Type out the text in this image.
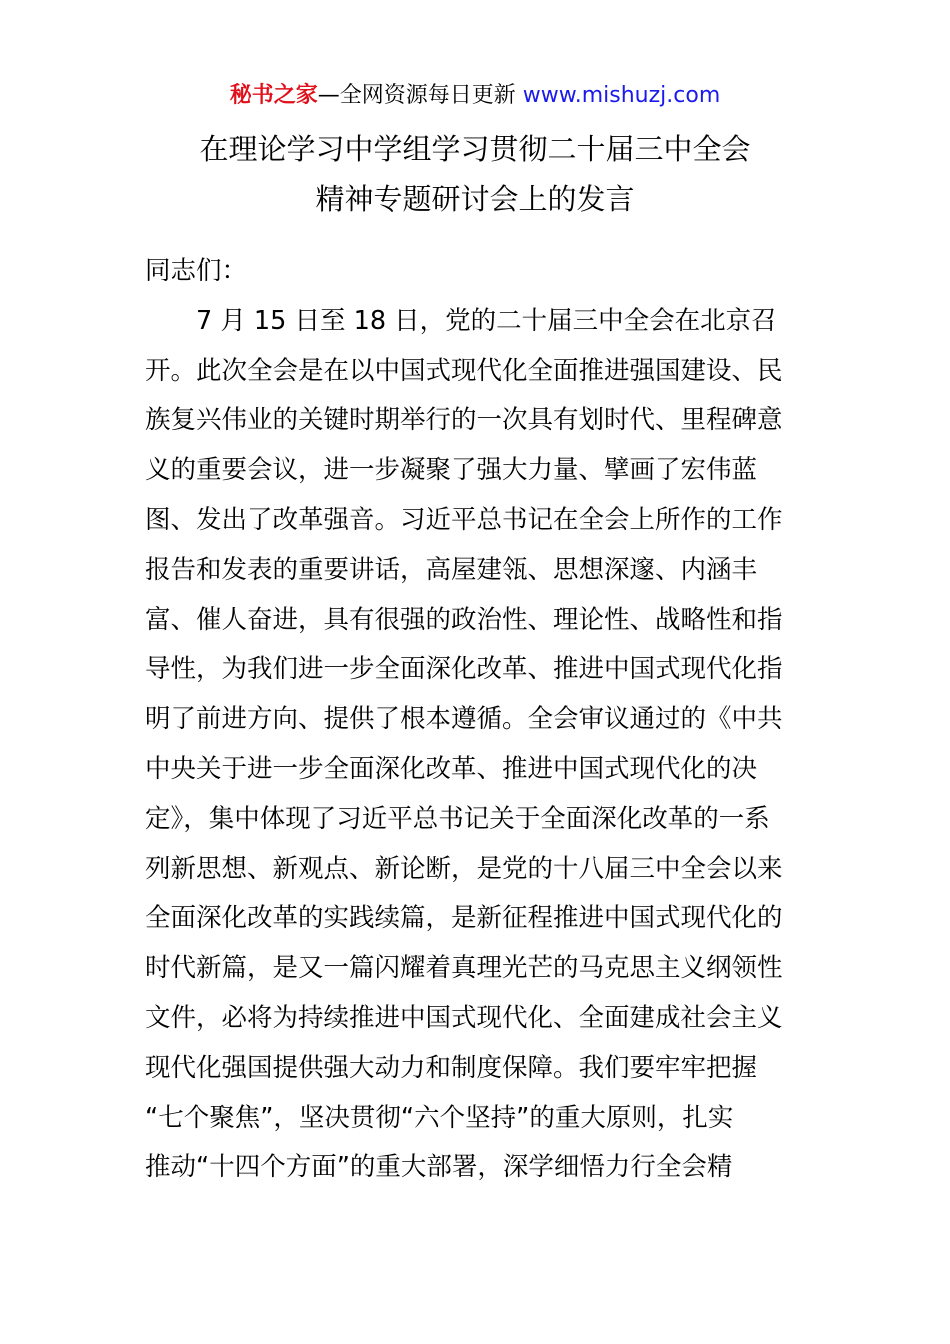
秘书之家—全网资源每日更新 www.mishuzj.com
在理论学习中学组学习贯彻二十届三中全会
精神专题研讨会上的发言
同志们：
7 月 15 日至 18 日，党的二十届三中全会在北京召
开。此次全会是在以中国式现代化全面推进强国建设、民
族复兴伟业的关键时期举行的一次具有划时代、里程碑意
义的重要会议，进一步凝聚了强大力量、擘画了宏伟蓝
图、发出了改革强音。习近平总书记在全会上所作的工作
报告和发表的重要讲话，高屋建瓴、思想深邃、内涵丰
富、催人奋进，具有很强的政治性、理论性、战略性和指
导性，为我们进一步全面深化改革、推进中国式现代化指
明了前进方向、提供了根本遵循。全会审议通过的《中共
中央关于进一步全面深化改革、推进中国式现代化的决
定》，集中体现了习近平总书记关于全面深化改革的一系
列新思想、新观点、新论断，是党的十八届三中全会以来
全面深化改革的实践续篇，是新征程推进中国式现代化的
时代新篇，是又一篇闪耀着真理光芒的马克思主义纲领性
文件，必将为持续推进中国式现代化、全面建成社会主义
现代化强国提供强大动力和制度保障。我们要牢牢把握
“七个聚焦”，坚决贯彻“六个坚持”的重大原则，扎实
推动“十四个方面”的重大部署，深学细悟力行全会精
